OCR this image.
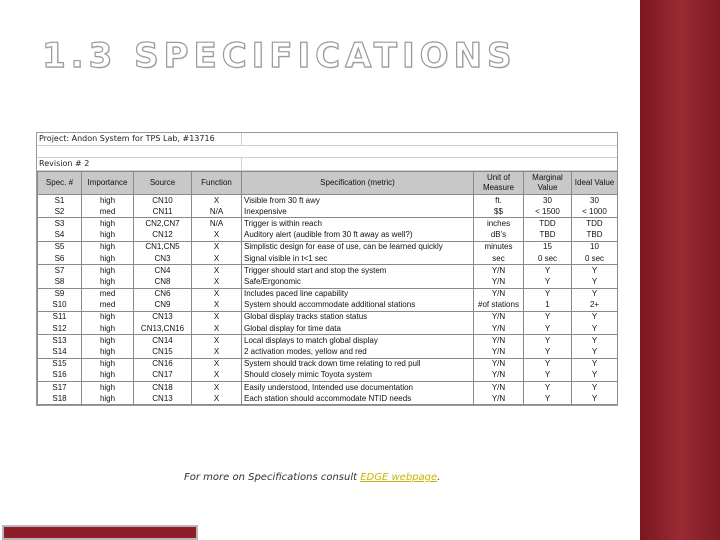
1.3 SPECIFICATIONS
Project: Andon System for TPS Lab, #13716
Revision # 2
Spec. #	Importance	Source	Function	Specification (metric)	Unit of Measure	Marginal Value	Ideal Value
S1	high	CN10	X	Visible from 30 ft awy	ft.	30	30
S2	med	CN11	N/A	Inexpensive	$$	< 1500	< 1000
S3	high	CN2,CN7	N/A	Trigger is within reach	inches	TDD	TDD
S4	high	CN12	X	Auditory alert (audible from 30 ft away as well?)	dB's	TBD	TBD
S5	high	CN1,CN5	X	Simplistic design for ease of use, can be learned quickly	minutes	15	10
S6	high	CN3	X	Signal visible in t<1 sec	sec	0 sec	0 sec
S7	high	CN4	X	Trigger should start and stop the system	Y/N	Y	Y
S8	high	CN8	X	Safe/Ergonomic	Y/N	Y	Y
S9	med	CN6	X	Includes paced line capability	Y/N	Y	Y
S10	med	CN9	X	System should accommodate additional stations	#of stations	1	2+
S11	high	CN13	X	Global display tracks station status	Y/N	Y	Y
S12	high	CN13,CN16	X	Global display for time data	Y/N	Y	Y
S13	high	CN14	X	Local displays to match global display	Y/N	Y	Y
S14	high	CN15	X	2 activation modes, yellow and red	Y/N	Y	Y
S15	high	CN16	X	System should track down time relating to red pull	Y/N	Y	Y
S16	high	CN17	X	Should closely mimic Toyota system	Y/N	Y	Y
S17	high	CN18	X	Easily understood, Intended use documentation	Y/N	Y	Y
S18	high	CN13	X	Each station should accommodate NTID needs	Y/N	Y	Y
For more on Specifications consult EDGE webpage.
